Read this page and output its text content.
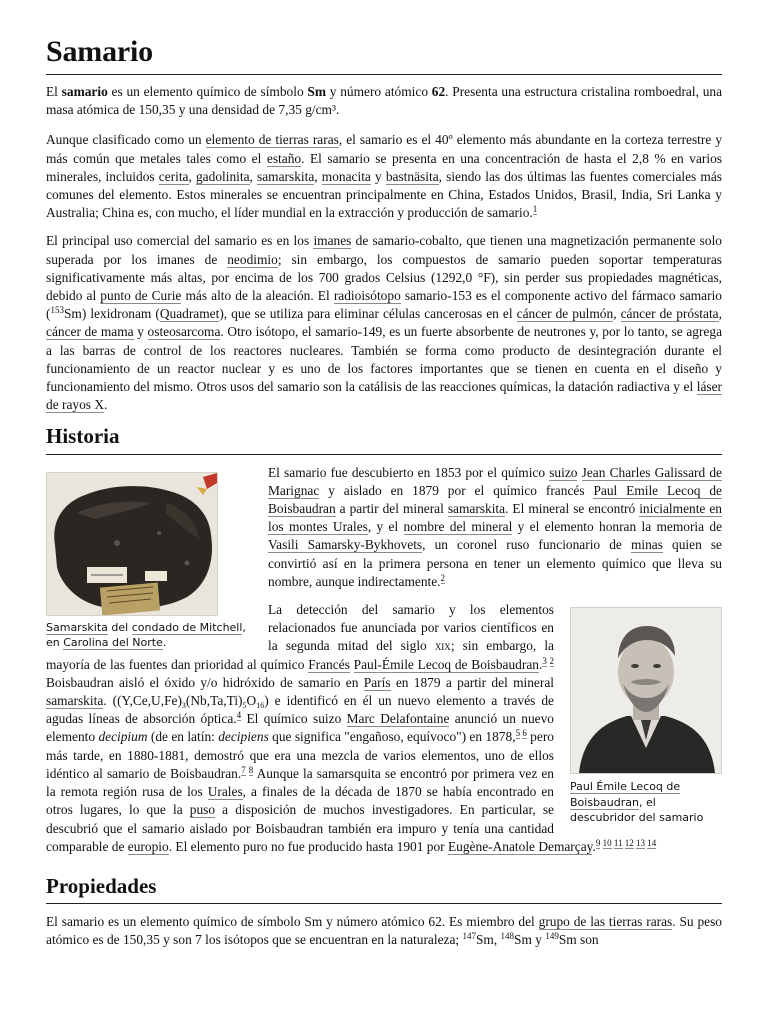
Samario

El samario es un elemento químico de símbolo Sm y número atómico 62. Presenta una estructura cristalina romboedral, una masa atómica de 150,35 y una densidad de 7,35 g/cm³.

Aunque clasificado como un elemento de tierras raras, el samario es el 40º elemento más abundante en la corteza terrestre y más común que metales tales como el estaño. El samario se presenta en una concentración de hasta el 2,8 % en varios minerales, incluidos cerita, gadolinita, samarskita, monacita y bastnäsita, siendo las dos últimas las fuentes comerciales más comunes del elemento. Estos minerales se encuentran principalmente en China, Estados Unidos, Brasil, India, Sri Lanka y Australia; China es, con mucho, el líder mundial en la extracción y producción de samario.$^1$

El principal uso comercial del samario es en los imanes de samario-cobalto, que tienen una magnetización permanente solo superada por los imanes de neodimio; sin embargo, los compuestos de samario pueden soportar temperaturas significativamente más altas, por encima de los 700 grados Celsius (1292,0 °F), sin perder sus propiedades magnéticas, debido al punto de Curie más alto de la aleación. El radioisótopo samario-153 es el componente activo del fármaco samario ($^{153}$Sm) lexidronam (Quadramet), que se utiliza para eliminar células cancerosas en el cáncer de pulmón, cáncer de próstata, cáncer de mama y osteosarcoma. Otro isótopo, el samario-149, es un fuerte absorbente de neutrones y, por lo tanto, se agrega a las barras de control de los reactores nucleares. También se forma como producto de desintegración durante el funcionamiento de un reactor nuclear y es uno de los factores importantes que se tienen en cuenta en el diseño y funcionamiento del mismo. Otros usos del samario son la catálisis de las reacciones químicas, la datación radiactiva y el láser de rayos X.

Historia
Samarskita del condado de Mitchell, en Carolina del Norte.

El samario fue descubierto en 1853 por el químico suizo Jean Charles Galissard de Marignac y aislado en 1879 por el químico francés Paul Emile Lecoq de Boisbaudran a partir del mineral samarskita. El mineral se encontró inicialmente en los montes Urales, y el nombre del mineral y el elemento honran la memoria de Vasili Samarsky-Bykhovets, un coronel ruso funcionario de minas quien se convirtió así en la primera persona en tener un elemento químico que lleva su nombre, aunque indirectamente.$^2$

Paul Émile Lecoq de Boisbaudran, el descubridor del samario

La detección del samario y los elementos relacionados fue anunciada por varios científicos en la segunda mitad del siglo xix; sin embargo, la mayoría de las fuentes dan prioridad al químico Francés Paul-Émile Lecoq de Boisbaudran.$^{3 2}$ Boisbaudran aisló el óxido y/o hidróxido de samario en París en 1879 a partir del mineral samarskita. $((Y,Ce,U,Fe)_3(Nb,Ta,Ti)_5O_{16})$ e identificó en él un nuevo elemento a través de agudas líneas de absorción óptica.$^4$ El químico suizo Marc Delafontaine anunció un nuevo elemento decipium (de en latín: decipiens que significa "engañoso, equívoco") en 1878,$^{5 6}$ pero más tarde, en 1880-1881, demostró que era una mezcla de varios elementos, uno de ellos idéntico al samario de Boisbaudran.$^{7 8}$ Aunque la samarsquita se encontró por primera vez en la remota región rusa de los Urales, a finales de la década de 1870 se había encontrado en otros lugares, lo que la puso a disposición de muchos investigadores. En particular, se descubrió que el samario aislado por Boisbaudran también era impuro y tenía una cantidad comparable de europio. El elemento puro no fue producido hasta 1901 por Eugène-Anatole Demarçay.$^{9 10 11 12 13 14}$

Propiedades

El samario es un elemento químico de símbolo Sm y número atómico 62. Es miembro del grupo de las tierras raras. Su peso atómico es de 150,35 y son 7 los isótopos que se encuentran en la naturaleza; $^{147}$Sm, $^{148}$Sm y $^{149}$Sm son
